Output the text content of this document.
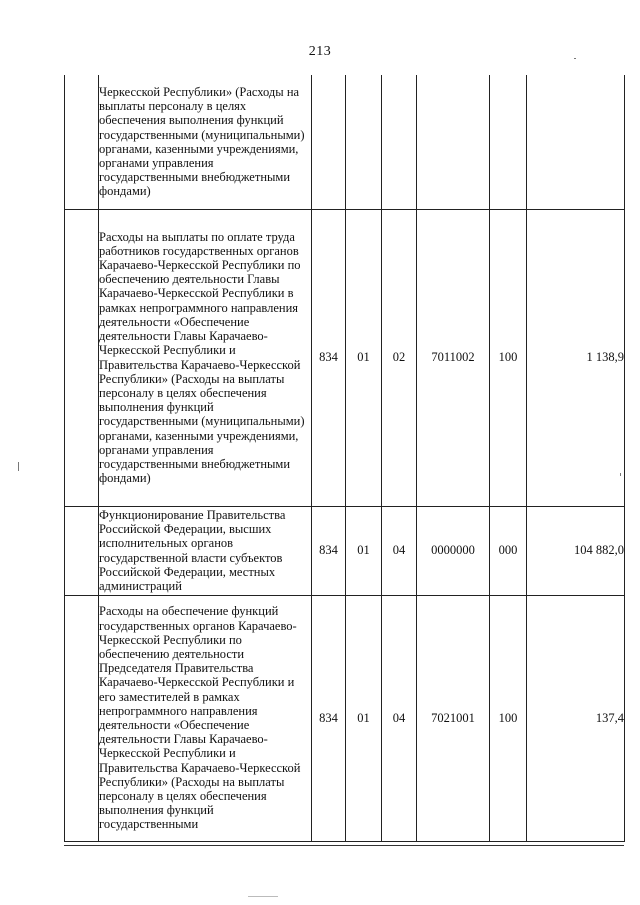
213

	Черкесской Республики» (Расходы на выплаты персоналу в целях обеспечения выполнения функций государственными (муниципальными) органами, казенными учреждениями, органами управления государственными внебюджетными фондами)						

	Расходы на выплаты по оплате труда работников государственных органов Карачаево-Черкесской Республики по обеспечению деятельности Главы Карачаево-Черкесской Республики в рамках непрограммного направления деятельности «Обеспечение деятельности Главы Карачаево-Черкесской Республики и Правительства Карачаево-Черкесской Республики» (Расходы на выплаты персоналу в целях обеспечения выполнения функций государственными (муниципальными) органами, казенными учреждениями, органами управления государственными внебюджетными фондами)	834	01	02	7011002	100	1 138,9

	Функционирование Правительства Российской Федерации, высших исполнительных органов государственной власти субъектов Российской Федерации, местных администраций	834	01	04	0000000	000	104 882,0

	Расходы на обеспечение функций государственных органов Карачаево-Черкесской Республики по обеспечению деятельности Председателя Правительства Карачаево-Черкесской Республики и его заместителей в рамках непрограммного направления деятельности «Обеспечение деятельности Главы Карачаево-Черкесской Республики и Правительства Карачаево-Черкесской Республики» (Расходы на выплаты персоналу в целях обеспечения выполнения функций государственными	834	01	04	7021001	100	137,4
